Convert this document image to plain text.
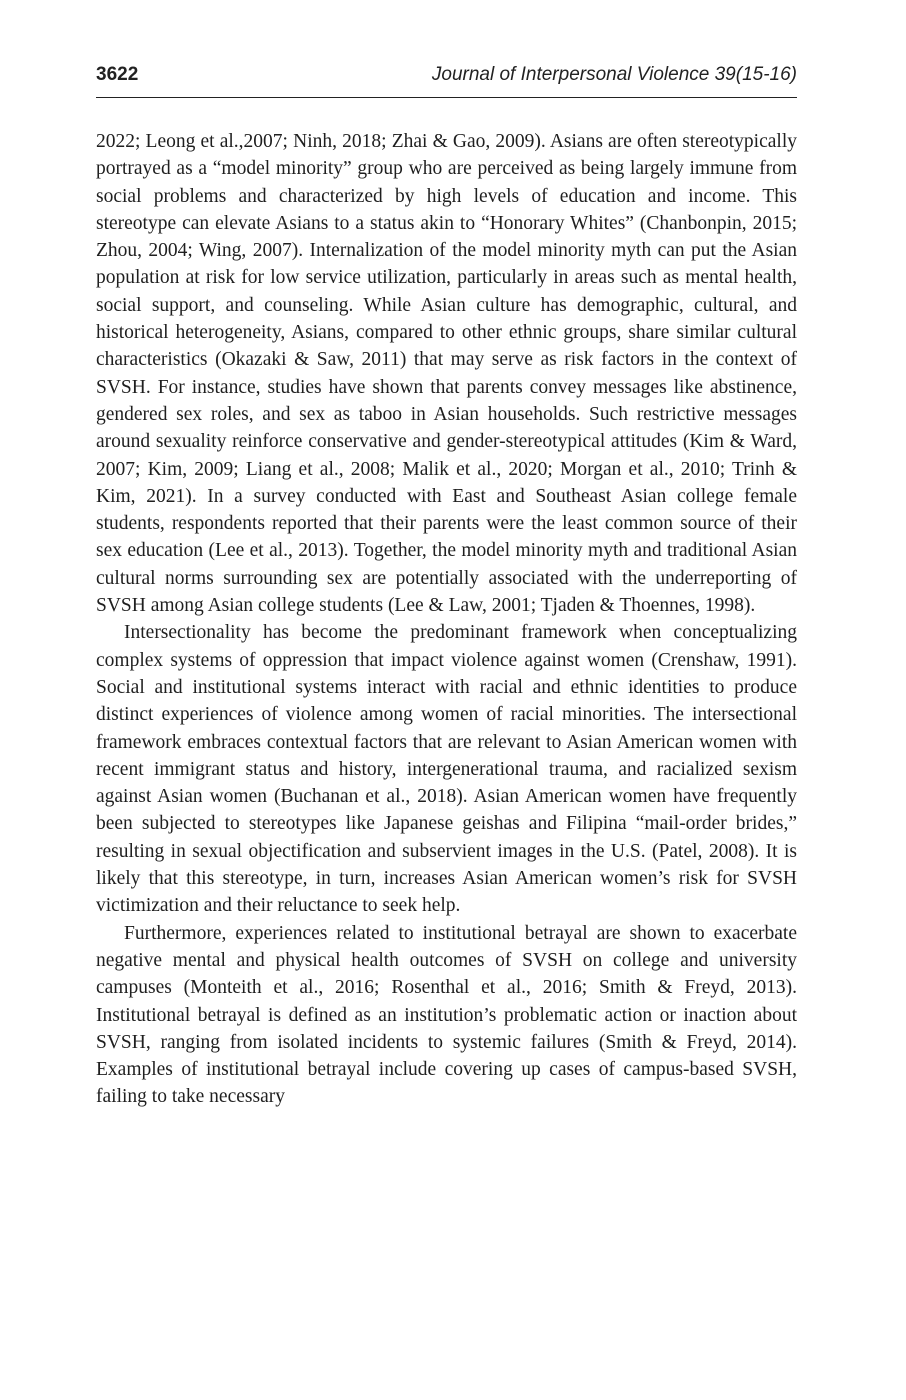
3622	Journal of Interpersonal Violence 39(15-16)

2022; Leong et al.,2007; Ninh, 2018; Zhai & Gao, 2009). Asians are often stereotypically portrayed as a “model minority” group who are perceived as being largely immune from social problems and characterized by high levels of education and income. This stereotype can elevate Asians to a status akin to “Honorary Whites” (Chanbonpin, 2015; Zhou, 2004; Wing, 2007). Internalization of the model minority myth can put the Asian population at risk for low service utilization, particularly in areas such as mental health, social support, and counseling. While Asian culture has demographic, cultural, and historical heterogeneity, Asians, compared to other ethnic groups, share similar cultural characteristics (Okazaki & Saw, 2011) that may serve as risk factors in the context of SVSH. For instance, studies have shown that parents convey messages like abstinence, gendered sex roles, and sex as taboo in Asian households. Such restrictive messages around sexuality reinforce conservative and gender-stereotypical attitudes (Kim & Ward, 2007; Kim, 2009; Liang et al., 2008; Malik et al., 2020; Morgan et al., 2010; Trinh & Kim, 2021). In a survey conducted with East and Southeast Asian college female students, respondents reported that their parents were the least common source of their sex education (Lee et al., 2013). Together, the model minority myth and traditional Asian cultural norms surrounding sex are potentially associated with the underreporting of SVSH among Asian college students (Lee & Law, 2001; Tjaden & Thoennes, 1998).

Intersectionality has become the predominant framework when conceptualizing complex systems of oppression that impact violence against women (Crenshaw, 1991). Social and institutional systems interact with racial and ethnic identities to produce distinct experiences of violence among women of racial minorities. The intersectional framework embraces contextual factors that are relevant to Asian American women with recent immigrant status and history, intergenerational trauma, and racialized sexism against Asian women (Buchanan et al., 2018). Asian American women have frequently been subjected to stereotypes like Japanese geishas and Filipina “mail-order brides,” resulting in sexual objectification and subservient images in the U.S. (Patel, 2008). It is likely that this stereotype, in turn, increases Asian American women’s risk for SVSH victimization and their reluctance to seek help.

Furthermore, experiences related to institutional betrayal are shown to exacerbate negative mental and physical health outcomes of SVSH on college and university campuses (Monteith et al., 2016; Rosenthal et al., 2016; Smith & Freyd, 2013). Institutional betrayal is defined as an institution’s problematic action or inaction about SVSH, ranging from isolated incidents to systemic failures (Smith & Freyd, 2014). Examples of institutional betrayal include covering up cases of campus-based SVSH, failing to take necessary
